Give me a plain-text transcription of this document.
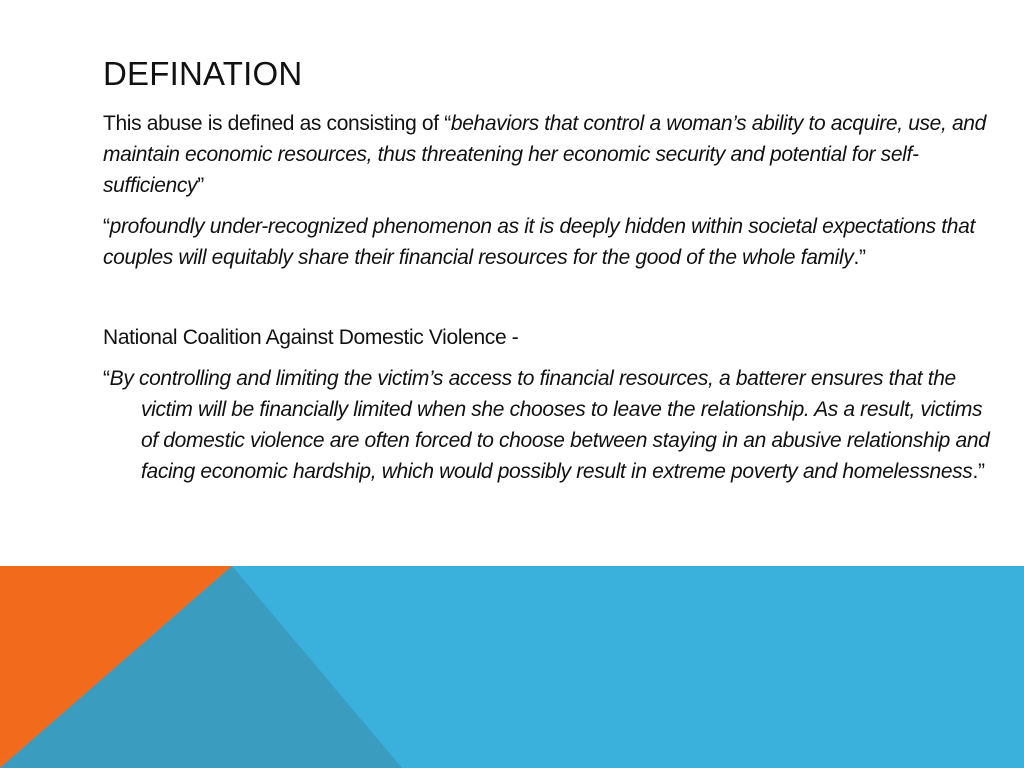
DEFINATION

This abuse is defined as consisting of “behaviors that control a woman’s ability to acquire, use, and maintain economic resources, thus threatening her economic security and potential for self-sufficiency”

“profoundly under-recognized phenomenon as it is deeply hidden within societal expectations that couples will equitably share their financial resources for the good of the whole family.”

National Coalition Against Domestic Violence -

“By controlling and limiting the victim’s access to financial resources, a batterer ensures that the victim will be financially limited when she chooses to leave the relationship. As a result, victims of domestic violence are often forced to choose between staying in an abusive relationship and facing economic hardship, which would possibly result in extreme poverty and homelessness.”
